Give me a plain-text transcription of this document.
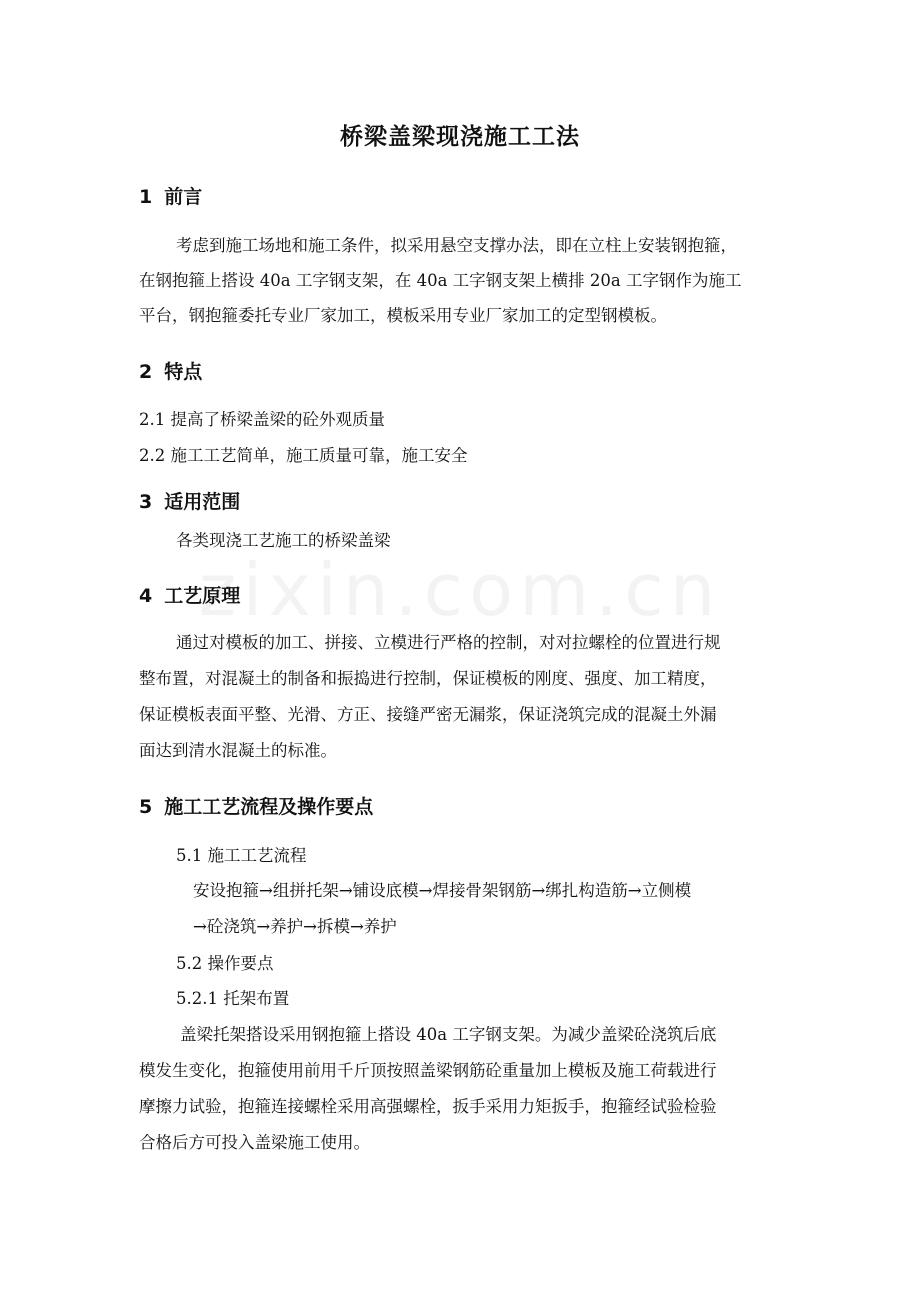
桥梁盖梁现浇施工工法
1 前言
考虑到施工场地和施工条件，拟采用悬空支撑办法，即在立柱上安装钢抱箍，
在钢抱箍上搭设 40a 工字钢支架，在 40a 工字钢支架上横排 20a 工字钢作为施工
平台，钢抱箍委托专业厂家加工，模板采用专业厂家加工的定型钢模板。
2 特点
2.1 提高了桥梁盖梁的砼外观质量
2.2 施工工艺简单，施工质量可靠，施工安全
3 适用范围
各类现浇工艺施工的桥梁盖梁
4 工艺原理
通过对模板的加工、拼接、立模进行严格的控制，对对拉螺栓的位置进行规
整布置，对混凝土的制备和振捣进行控制，保证模板的刚度、强度、加工精度，
保证模板表面平整、光滑、方正、接缝严密无漏浆，保证浇筑完成的混凝土外漏
面达到清水混凝土的标准。
5 施工工艺流程及操作要点
5.1 施工工艺流程
安设抱箍→组拼托架→铺设底模→焊接骨架钢筋→绑扎构造筋→立侧模
→砼浇筑→养护→拆模→养护
5.2 操作要点
5.2.1 托架布置
盖梁托架搭设采用钢抱箍上搭设 40a 工字钢支架。为减少盖梁砼浇筑后底
模发生变化，抱箍使用前用千斤顶按照盖梁钢筋砼重量加上模板及施工荷载进行
摩擦力试验，抱箍连接螺栓采用高强螺栓，扳手采用力矩扳手，抱箍经试验检验
合格后方可投入盖梁施工使用。
